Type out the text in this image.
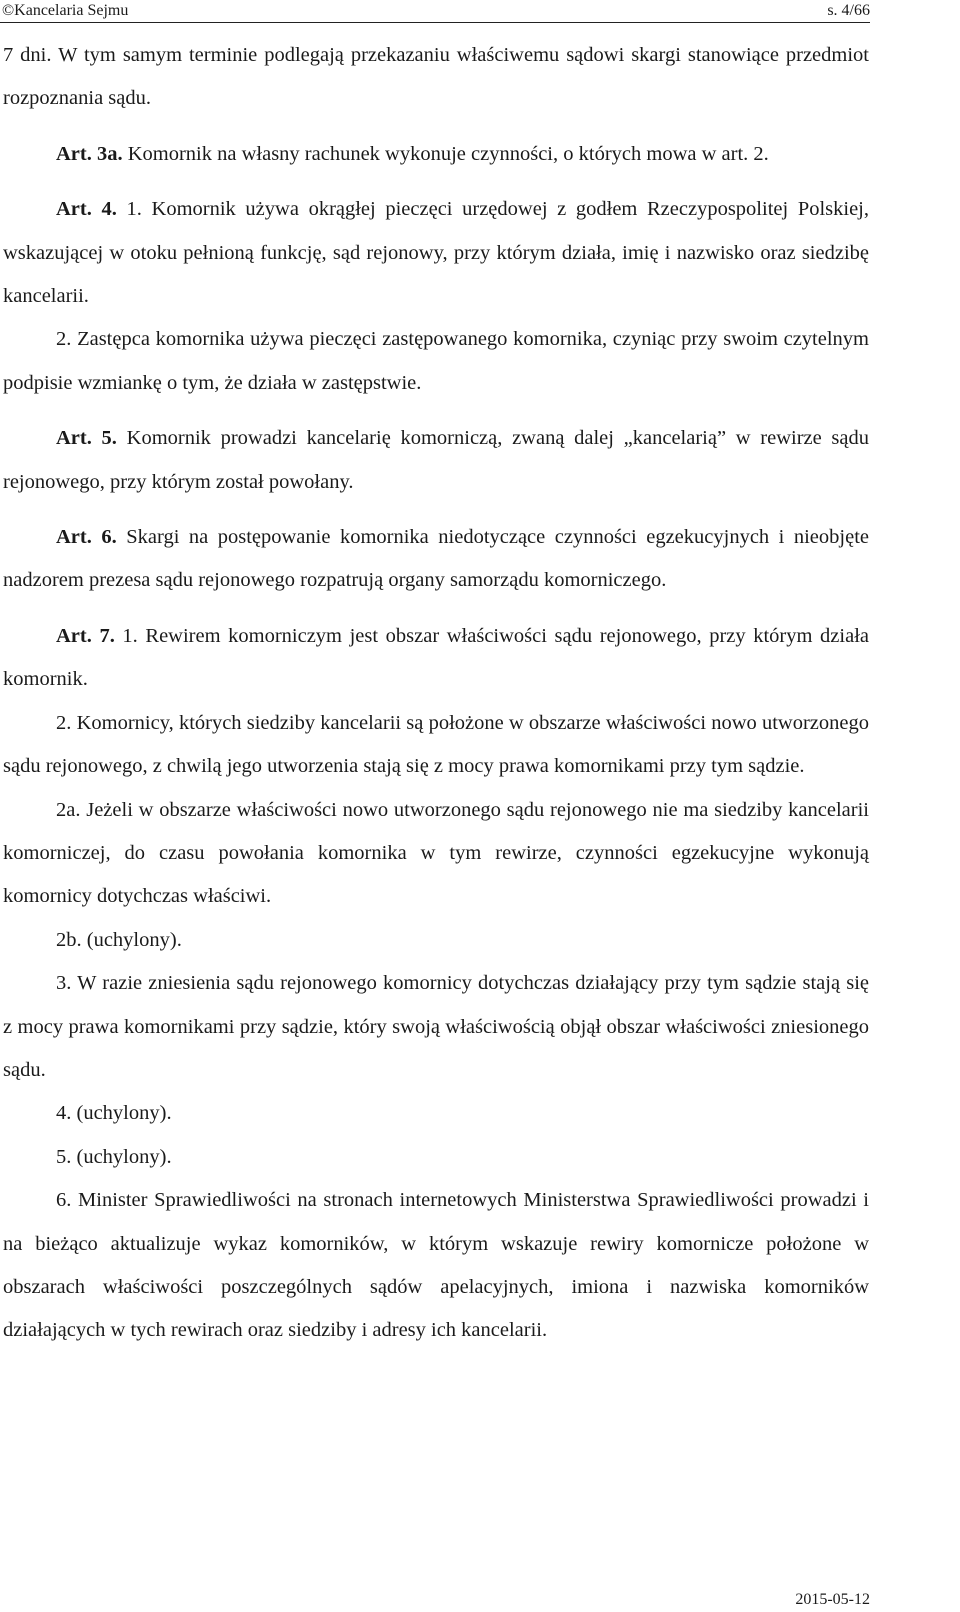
©Kancelaria Sejmu	s. 4/66

7 dni. W tym samym terminie podlegają przekazaniu właściwemu sądowi skargi stanowiące przedmiot rozpoznania sądu.

Art. 3a. Komornik na własny rachunek wykonuje czynności, o których mowa w art. 2.

Art. 4. 1. Komornik używa okrągłej pieczęci urzędowej z godłem Rzeczypospolitej Polskiej, wskazującej w otoku pełnioną funkcję, sąd rejonowy, przy którym działa, imię i nazwisko oraz siedzibę kancelarii.

2. Zastępca komornika używa pieczęci zastępowanego komornika, czyniąc przy swoim czytelnym podpisie wzmiankę o tym, że działa w zastępstwie.

Art. 5. Komornik prowadzi kancelarię komorniczą, zwaną dalej „kancelarią” w rewirze sądu rejonowego, przy którym został powołany.

Art. 6. Skargi na postępowanie komornika niedotyczące czynności egzekucyjnych i nieobjęte nadzorem prezesa sądu rejonowego rozpatrują organy samorządu komorniczego.

Art. 7. 1. Rewirem komorniczym jest obszar właściwości sądu rejonowego, przy którym działa komornik.

2. Komornicy, których siedziby kancelarii są położone w obszarze właściwości nowo utworzonego sądu rejonowego, z chwilą jego utworzenia stają się z mocy prawa komornikami przy tym sądzie.

2a. Jeżeli w obszarze właściwości nowo utworzonego sądu rejonowego nie ma siedziby kancelarii komorniczej, do czasu powołania komornika w tym rewirze, czynności egzekucyjne wykonują komornicy dotychczas właściwi.

2b. (uchylony).

3. W razie zniesienia sądu rejonowego komornicy dotychczas działający przy tym sądzie stają się z mocy prawa komornikami przy sądzie, który swoją właściwością objął obszar właściwości zniesionego sądu.

4. (uchylony).

5. (uchylony).

6. Minister Sprawiedliwości na stronach internetowych Ministerstwa Sprawiedliwości prowadzi i na bieżąco aktualizuje wykaz komorników, w którym wskazuje rewiry komornicze położone w obszarach właściwości poszczególnych sądów apelacyjnych, imiona i nazwiska komorników działających w tych rewirach oraz siedziby i adresy ich kancelarii.

2015-05-12
